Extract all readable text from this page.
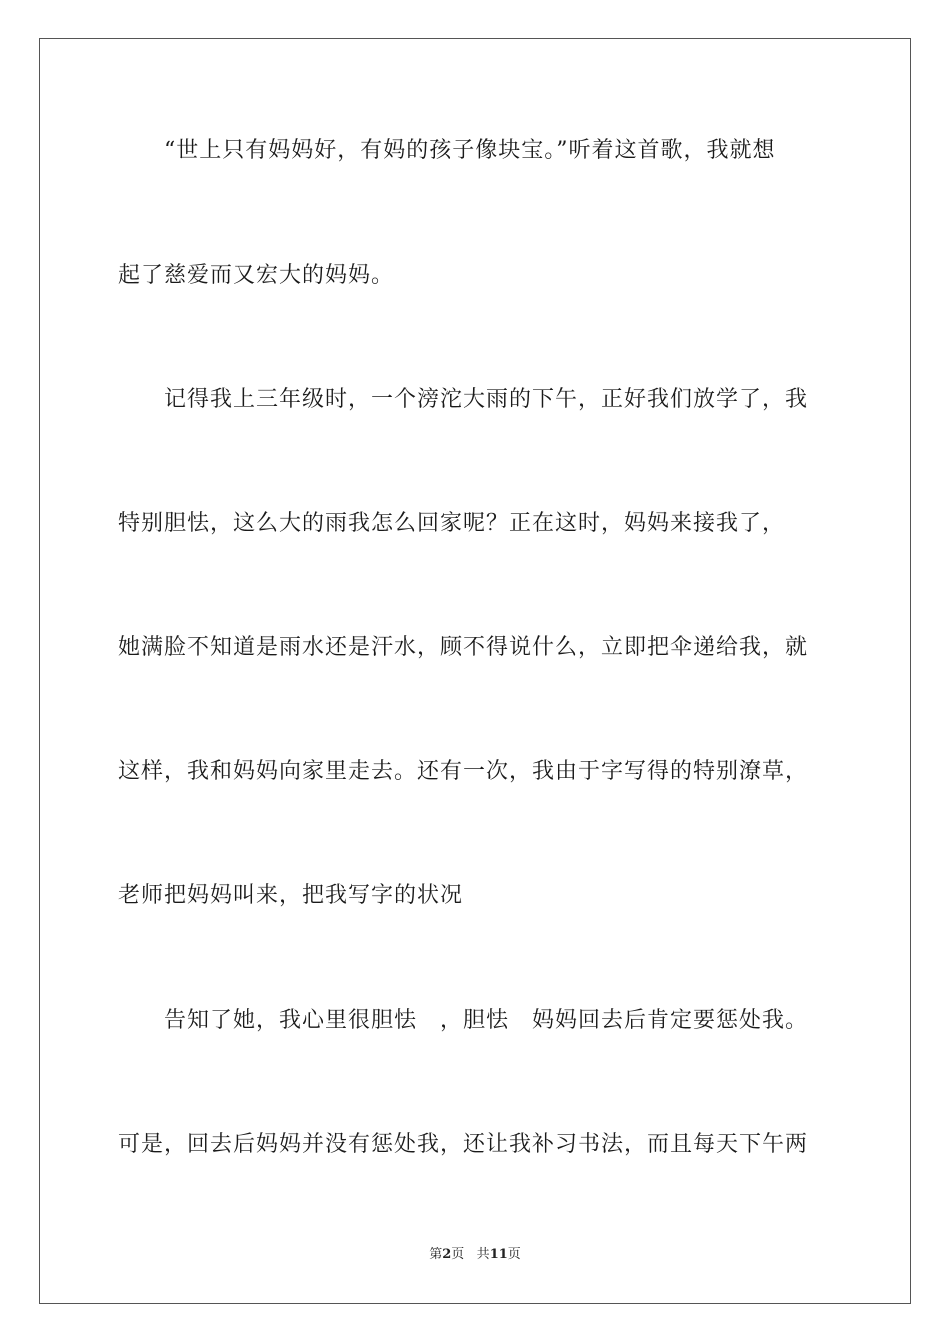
“世上只有妈妈好，有妈的孩子像块宝。”听着这首歌，我就想
起了慈爱而又宏大的妈妈。
记得我上三年级时，一个滂沱大雨的下午，正好我们放学了，我
特别胆怯，这么大的雨我怎么回家呢？正在这时，妈妈来接我了，
她满脸不知道是雨水还是汗水，顾不得说什么，立即把伞递给我，就
这样，我和妈妈向家里走去。还有一次，我由于字写得的特别潦草，
老师把妈妈叫来，把我写字的状况
告知了她，我心里很胆怯　，胆怯　妈妈回去后肯定要惩处我。
可是，回去后妈妈并没有惩处我，还让我补习书法，而且每天下午两
第2页 共11页
